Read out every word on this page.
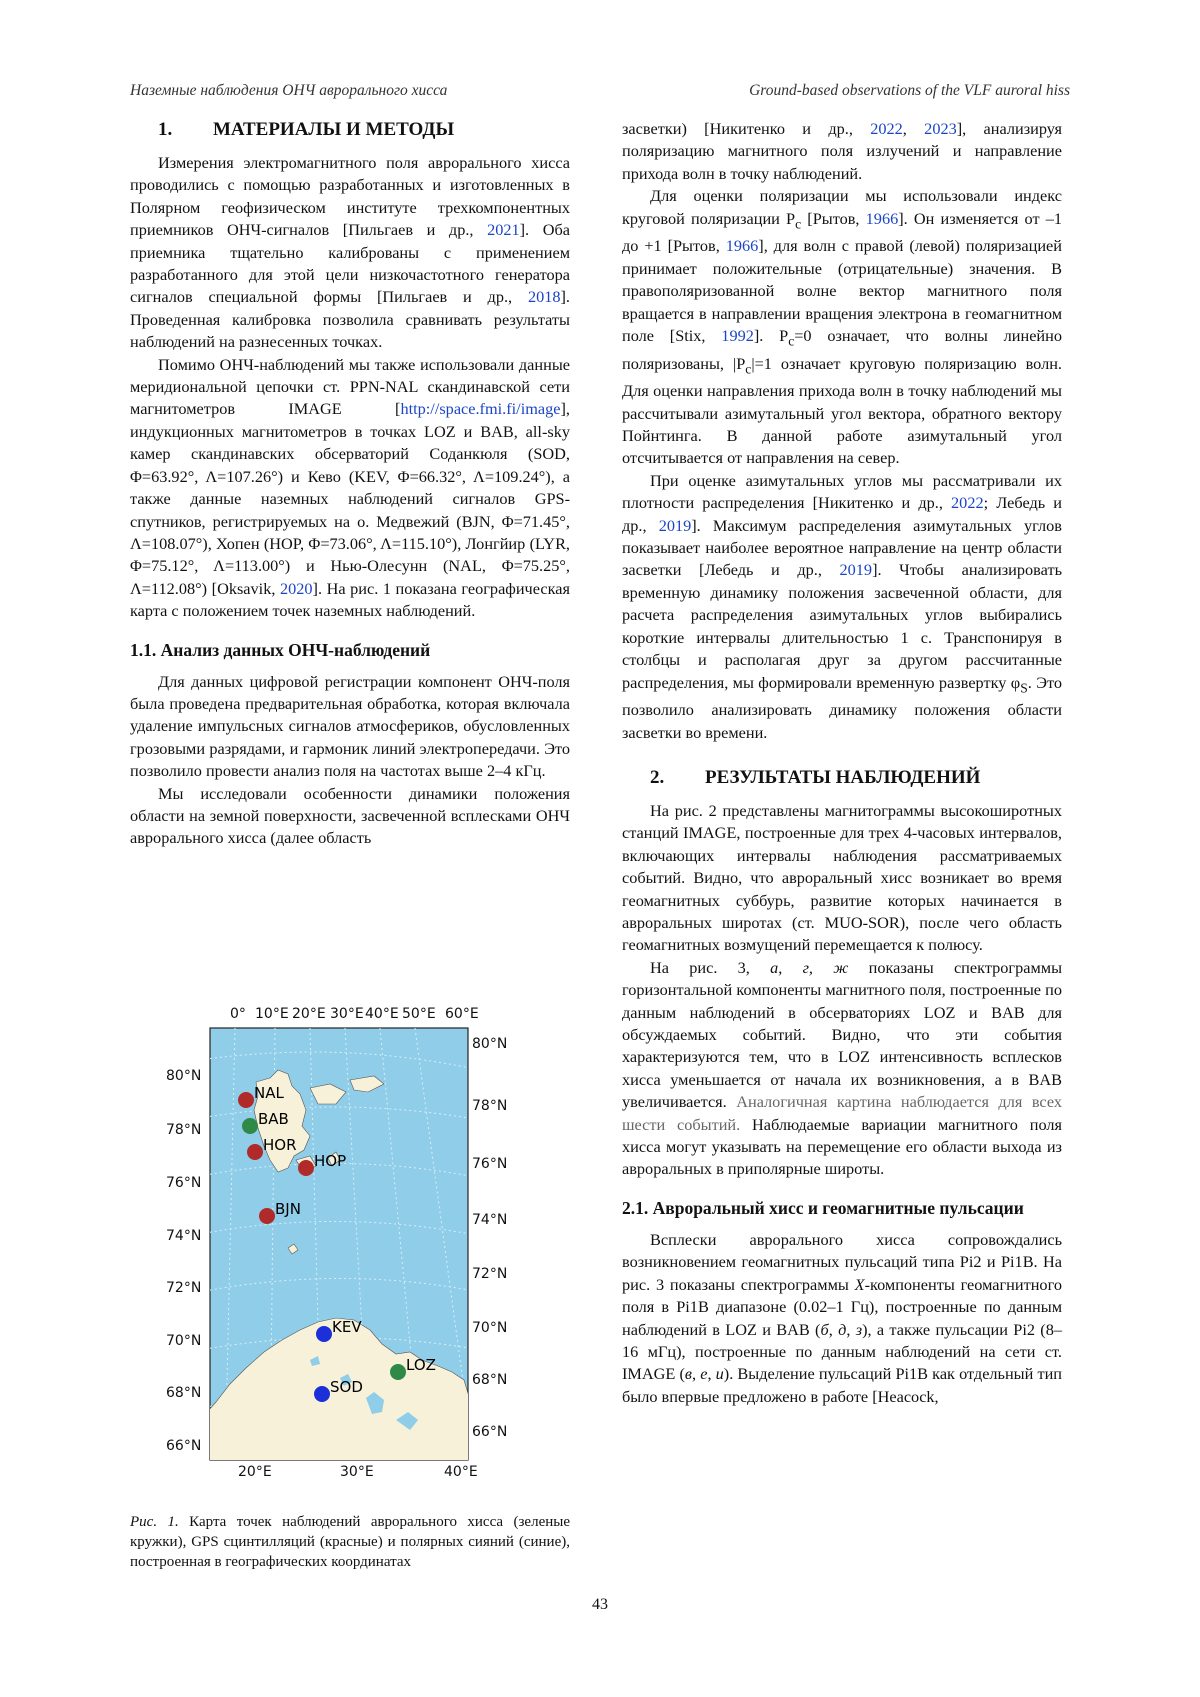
Наземные наблюдения ОНЧ аврорального хисса	Ground-based observations of the VLF auroral hiss
1.	МАТЕРИАЛЫ И МЕТОДЫ

Измерения электромагнитного поля аврорального хисса проводились с помощью разработанных и изготовленных в Полярном геофизическом институте трехкомпонентных приемников ОНЧ-сигналов [Пильгаев и др., 2021]. Оба приемника тщательно калиброваны с применением разработанного для этой цели низкочастотного генератора сигналов специальной формы [Пильгаев и др., 2018]. Проведенная калибровка позволила сравнивать результаты наблюдений на разнесенных точках.

Помимо ОНЧ-наблюдений мы также использовали данные меридиональной цепочки ст. PPN-NAL скандинавской сети магнитометров IMAGE [http://space.fmi.fi/image], индукционных магнитометров в точках LOZ и BAB, all-sky камер скандинавских обсерваторий Соданкюля (SOD, Φ=63.92°, Λ=107.26°) и Кево (KEV, Φ=66.32°, Λ=109.24°), а также данные наземных наблюдений сигналов GPS- спутников, регистрируемых на о. Медвежий (BJN, Φ=71.45°, Λ=108.07°), Хопен (HOP, Φ=73.06°, Λ=115.10°), Лонгйир (LYR, Φ=75.12°, Λ=113.00°) и Нью-Олесунн (NAL, Φ=75.25°, Λ=112.08°) [Oksavik, 2020]. На рис. 1 показана географическая карта с положением точек наземных наблюдений.

1.1. Анализ данных ОНЧ-наблюдений

Для данных цифровой регистрации компонент ОНЧ-поля была проведена предварительная обработка, которая включала удаление импульсных сигналов атмосфериков, обусловленных грозовыми разрядами, и гармоник линий электропередачи. Это позволило провести анализ поля на частотах выше 2–4 кГц.

Мы исследовали особенности динамики положения области на земной поверхности, засвеченной всплесками ОНЧ аврорального хисса (далее область

засветки) [Никитенко и др., 2022, 2023], анализируя поляризацию магнитного поля излучений и направление прихода волн в точку наблюдений.

Для оценки поляризации мы использовали индекс круговой поляризации $P_c$ [Рытов, 1966]. Он изменяется от –1 до +1 [Рытов, 1966], для волн с правой (левой) поляризацией принимает положительные (отрицательные) значения. В правополяризованной волне вектор магнитного поля вращается в направлении вращения электрона в геомагнитном поле [Stix, 1992]. $P_c=0$ означает, что волны линейно поляризованы, $|P_c|=1$ означает круговую поляризацию волн. Для оценки направления прихода волн в точку наблюдений мы рассчитывали азимутальный угол вектора, обратного вектору Пойнтинга. В данной работе азимутальный угол отсчитывается от направления на север.

При оценке азимутальных углов мы рассматривали их плотности распределения [Никитенко и др., 2022; Лебедь и др., 2019]. Максимум распределения азимутальных углов показывает наиболее вероятное направление на центр области засветки [Лебедь и др., 2019]. Чтобы анализировать временную динамику положения засвеченной области, для расчета распределения азимутальных углов выбирались короткие интервалы длительностью 1 с. Транспонируя в столбцы и располагая друг за другом рассчитанные распределения, мы формировали временную развертку $\varphi_S$. Это позволило анализировать динамику положения области засветки во времени.

2.	РЕЗУЛЬТАТЫ НАБЛЮДЕНИЙ

На рис. 2 представлены магнитограммы высокоширотных станций IMAGE, построенные для трех 4-часовых интервалов, включающих интервалы наблюдения рассматриваемых событий. Видно, что авроральный хисс возникает во время геомагнитных суббурь, развитие которых начинается в авроральных широтах (ст. MUO-SOR), после чего область геомагнитных возмущений перемещается к полюсу.

На рис. 3, а, г, ж показаны спектрограммы горизонтальной компоненты магнитного поля, построенные по данным наблюдений в обсерваториях LOZ и BAB для обсуждаемых событий. Видно, что эти события характеризуются тем, что в LOZ интенсивность всплесков хисса уменьшается от начала их возникновения, а в BAB увеличивается. Аналогичная картина наблюдается для всех шести событий. Наблюдаемые вариации магнитного поля хисса могут указывать на перемещение его области выхода из авроральных в приполярные широты.

2.1. Авроральный хисс и геомагнитные пульсации

Всплески аврорального хисса сопровождались возникновением геомагнитных пульсаций типа Pi2 и Pi1B. На рис. 3 показаны спектрограммы X-компоненты геомагнитного поля в Pi1B диапазоне (0.02–1 Гц), построенные по данным наблюдений в LOZ и BAB (б, д, з), а также пульсации Pi2 (8–16 мГц), построенные по данным наблюдений на сети ст. IMAGE (в, е, и). Выделение пульсаций Pi1B как отдельный тип было впервые предложено в работе [Heacock,

0° 10°E 20°E 30°E 40°E 50°E 60°E
80°N
78°N
76°N
74°N
72°N
70°N
68°N
66°N
80°N
78°N
76°N
74°N
72°N
70°N
68°N
66°N
20°E	30°E	40°E
NAL
BAB
HOR
HOP
BJN
KEV
LOZ
SOD
Рис. 1. Карта точек наблюдений аврорального хисса (зеленые кружки), GPS сцинтилляций (красные) и полярных сияний (синие), построенная в географических координатах
43
